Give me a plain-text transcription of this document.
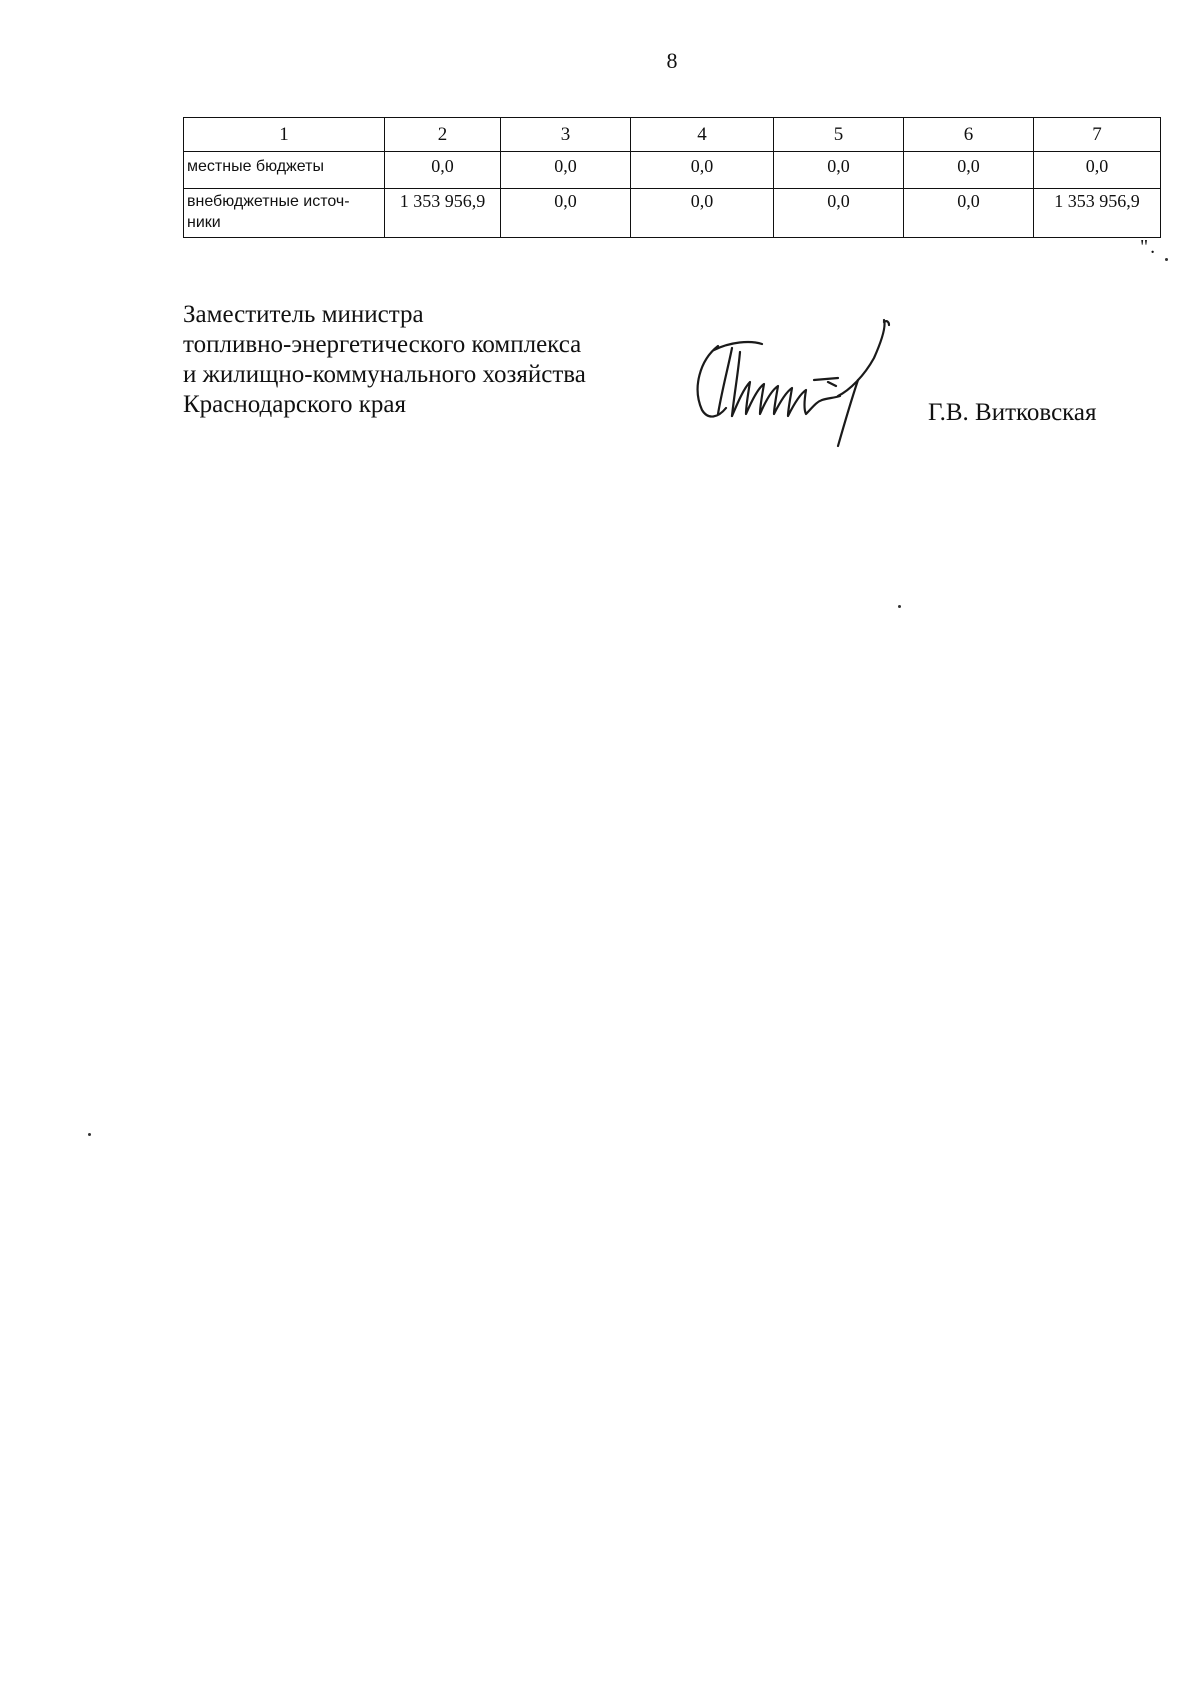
8
1	2	3	4	5	6	7
местные бюджеты	0,0	0,0	0,0	0,0	0,0	0,0

внебюджетные источ-
ники	1 353 956,9	0,0	0,0	0,0	0,0	1 353 956,9
".
Заместитель министра
топливно-энергетического комплекса
и жилищно-коммунального хозяйства
Краснодарского края	Г.В. Витковская
